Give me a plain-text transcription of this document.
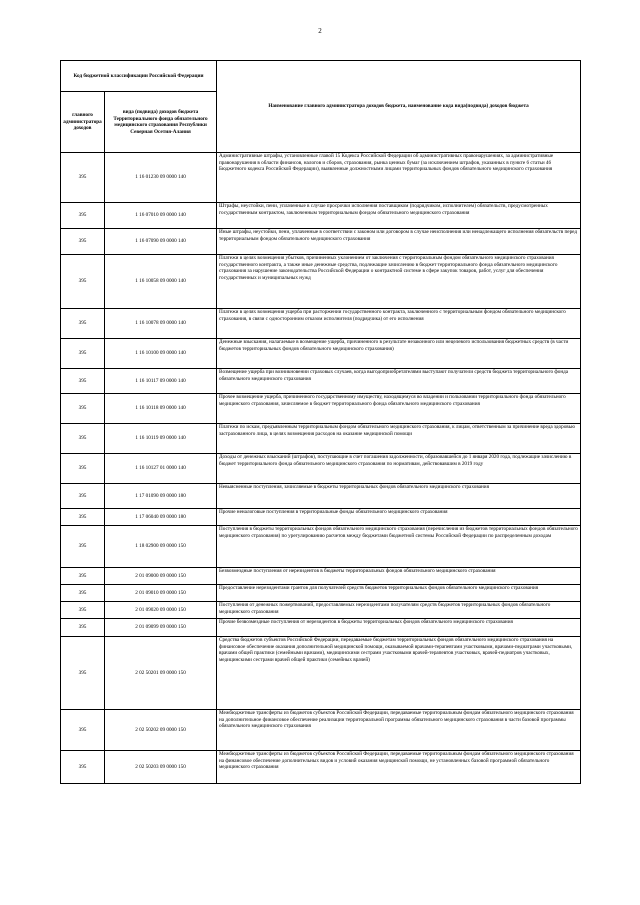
2
Код бюджетной классификации Российской Федерации		Наименование главного администратора доходов бюджета, наименование кода вида(подвида) доходов бюджета
главного администратора доходов	вида (подвида) доходов бюджета Территориального фонда обязательного медицинского страхования Республики Северная Осетия-Алания	
395	1 16 01230 09 0000 140	Административные штрафы, установленные главой 15 Кодекса Российской Федерации об административных правонарушениях, за административные правонарушения в области финансов, налогов и сборов, страхования, рынка ценных бумаг (за исключением штрафов, указанных в пункте 6 статьи 46 Бюджетного кодекса Российской Федерации), выявленные должностными лицами территориальных фондов обязательного медицинского страхования
395	1 16 07010 09 0000 140	Штрафы, неустойки, пени, уплаченные в случае просрочки исполнения поставщиком (подрядчиком, исполнителем) обязательств, предусмотренных государственным контрактом, заключенным территориальным фондом обязательного медицинского страхования
395	1 16 07090 09 0000 140	Иные штрафы, неустойки, пени, уплаченные в соответствии с законом или договором в случае неисполнения или ненадлежащего исполнения обязательств перед территориальным фондом обязательного медицинского страхования
395	1 16 10058 09 0000 140	Платежи в целях возмещения убытков, причиненных уклонением от заключения с территориальным фондом обязательного медицинского страхования государственного контракта, а также иные денежные средства, подлежащие зачислению в бюджет территориального фонда обязательного медицинского страхования за нарушение законодательства Российской Федерации о контрактной системе в сфере закупок товаров, работ, услуг для обеспечения государственных и муниципальных нужд
395	1 16 10078 09 0000 140	Платежи в целях возмещения ущерба при расторжении государственного контракта, заключенного с территориальным фондом обязательного медицинского страхования, в связи с односторонним отказом исполнителя (подрядчика) от его исполнения
395	1 16 10100 09 0000 140	Денежные взыскания, налагаемые в возмещение ущерба, причиненного в результате незаконного или нецелевого использования бюджетных средств (в части бюджетов территориальных фондов обязательного медицинского страхования)
395	1 16 10117 09 0000 140	Возмещение ущерба при возникновении страховых случаев, когда выгодоприобретателями выступают получатели средств бюджета территориального фонда обязательного медицинского страхования
395	1 16 10118 09 0000 140	Прочее возмещение ущерба, причиненного государственному имуществу, находящемуся во владении и пользовании территориального фонда обязательного медицинского страхования, зачисляемое в бюджет территориального фонда обязательного медицинского страхования
395	1 16 10119 09 0000 140	Платежи по искам, предъявленным территориальным фондом обязательного медицинского страхования, к лицам, ответственным за причинение вреда здоровью застрахованного лица, в целях возмещения расходов на оказание медицинской помощи
395	1 16 10127 01 0000 140	Доходы от денежных взысканий (штрафов), поступающие в счет погашения задолженности, образовавшейся до 1 января 2020 года, подлежащие зачислению в бюджет территориального фонда обязательного медицинского страхования по нормативам, действовавшим в 2019 году
395	1 17 01090 09 0000 180	Невыясненные поступления, зачисляемые в бюджеты территориальных фондов обязательного медицинского страхования
395	1 17 06040 09 0000 180	Прочие неналоговые поступления в территориальные фонды обязательного медицинского страхования
395	1 18 02900 09 0000 150	Поступления в бюджеты территориальных фондов обязательного медицинского страхования (перечисления из бюджетов территориальных фондов обязательного медицинского страхования) по урегулированию расчетов между бюджетами бюджетной системы Российской Федерации по распределенным доходам
395	2 01 09000 09 0000 150	Безвозмездные поступления от нерезидентов в бюджеты территориальных фондов обязательного медицинского страхования
395	2 01 09010 09 0000 150	Предоставление нерезидентами грантов для получателей средств бюджетов территориальных фондов обязательного медицинского страхования
395	2 01 09020 09 0000 150	Поступления от денежных пожертвований, предоставляемых нерезидентами получателям средств бюджетов территориальных фондов обязательного медицинского страхования
395	2 01 09099 09 0000 150	Прочие безвозмездные поступления от нерезидентов в бюджеты территориальных фондов обязательного медицинского страхования
395	2 02 50201 09 0000 150	Средства бюджетов субъектов Российской Федерации, передаваемые бюджетам территориальных фондов обязательного медицинского страхования на финансовое обеспечение оказания дополнительной медицинской помощи, оказываемой врачами-терапевтами участковыми, врачами-педиатрами участковыми, врачами общей практики (семейными врачами), медицинскими сестрами участковыми врачей-терапевтов участковых, врачей-педиатров участковых, медицинскими сестрами врачей общей практики (семейных врачей)
395	2 02 50202 09 0000 150	Межбюджетные трансферты из бюджетов субъектов Российской Федерации, передаваемые территориальным фондам обязательного медицинского страхования на дополнительное финансовое обеспечение реализации территориальной программы обязательного медицинского страхования в части базовой программы обязательного медицинского страхования
395	2 02 50203 09 0000 150	Межбюджетные трансферты из бюджетов субъектов Российской Федерации, передаваемые территориальным фондам обязательного медицинского страхования на финансовое обеспечение дополнительных видов и условий оказания медицинской помощи, не установленных базовой программой обязательного медицинского страхования
